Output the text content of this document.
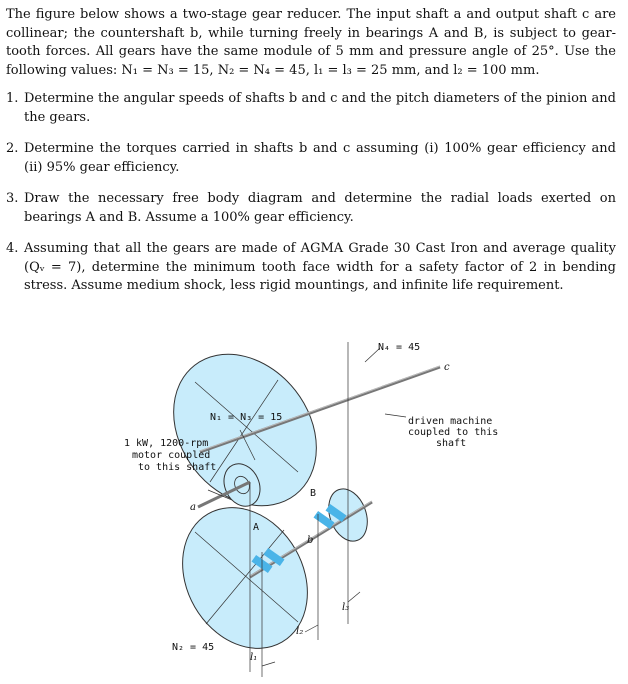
The figure below shows a two-stage gear reducer. The input shaft a and output shaft c are collinear; the countershaft b, while turning freely in bearings A and B, is subject to gear-tooth forces. All gears have the same module of 5 mm and pressure angle of 25°. Use the following values: N₁ = N₃ = 15, N₂ = N₄ = 45, l₁ = l₃ = 25 mm, and l₂ = 100 mm.
1. Determine the angular speeds of shafts b and c and the pitch diameters of the pinion and the gears.
2. Determine the torques carried in shafts b and c assuming (i) 100% gear efficiency and (ii) 95% gear efficiency.
3. Draw the necessary free body diagram and determine the radial loads exerted on bearings A and B. Assume a 100% gear efficiency.
4. Assuming that all the gears are made of AGMA Grade 30 Cast Iron and average quality (Qᵥ = 7), determine the minimum tooth face width for a safety factor of 2 in bending stress. Assume medium shock, less rigid mountings, and infinite life requirement.
N₄ = 45
c
driven machine
coupled to this
shaft
N₁ = N₃ = 15
1 kW, 1200-rpm
motor coupled
to this shaft
a
B
A
b
l₃
l₂
l₁
N₂ = 45
